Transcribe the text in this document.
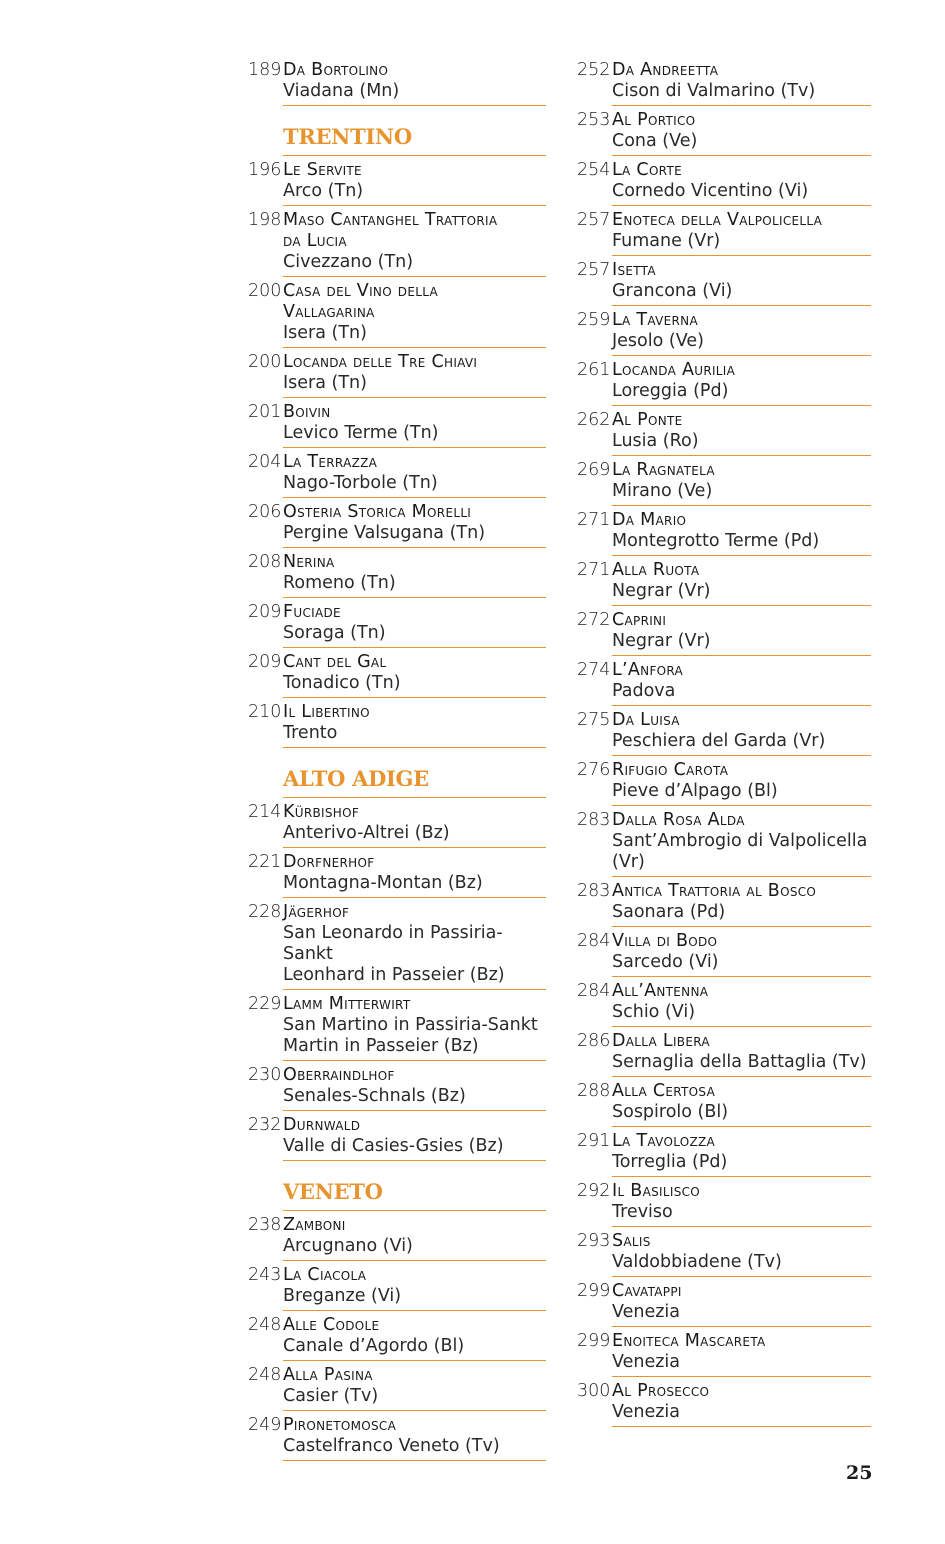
189 Da Bortolino
Viadana (Mn)
TRENTINO
196 Le Servite
Arco (Tn)
198 Maso Cantanghel Trattoria
da Lucia
Civezzano (Tn)
200 Casa del Vino della
Vallagarina
Isera (Tn)
200 Locanda delle Tre Chiavi
Isera (Tn)
201 Boivin
Levico Terme (Tn)
204 La Terrazza
Nago-Torbole (Tn)
206 Osteria Storica Morelli
Pergine Valsugana (Tn)
208 Nerina
Romeno (Tn)
209 Fuciade
Soraga (Tn)
209 Cant del Gal
Tonadico (Tn)
210 Il Libertino
Trento
ALTO ADIGE
214 Kürbishof
Anterivo-Altrei (Bz)
221 Dorfnerhof
Montagna-Montan (Bz)
228 Jägerhof
San Leonardo in Passiria-Sankt
Leonhard in Passeier (Bz)
229 Lamm Mitterwirt
San Martino in Passiria-Sankt
Martin in Passeier (Bz)
230 Oberraindlhof
Senales-Schnals (Bz)
232 Durnwald
Valle di Casies-Gsies (Bz)
VENETO
238 Zamboni
Arcugnano (Vi)
243 La Ciacola
Breganze (Vi)
248 Alle Codole
Canale d’Agordo (Bl)
248 Alla Pasina
Casier (Tv)
249 Pironetomosca
Castelfranco Veneto (Tv)
252 Da Andreetta
Cison di Valmarino (Tv)
253 Al Portico
Cona (Ve)
254 La Corte
Cornedo Vicentino (Vi)
257 Enoteca della Valpolicella
Fumane (Vr)
257 Isetta
Grancona (Vi)
259 La Taverna
Jesolo (Ve)
261 Locanda Aurilia
Loreggia (Pd)
262 Al Ponte
Lusia (Ro)
269 La Ragnatela
Mirano (Ve)
271 Da Mario
Montegrotto Terme (Pd)
271 Alla Ruota
Negrar (Vr)
272 Caprini
Negrar (Vr)
274 L’Anfora
Padova
275 Da Luisa
Peschiera del Garda (Vr)
276 Rifugio Carota
Pieve d’Alpago (Bl)
283 Dalla Rosa Alda
Sant’Ambrogio di Valpolicella
(Vr)
283 Antica Trattoria al Bosco
Saonara (Pd)
284 Villa di Bodo
Sarcedo (Vi)
284 All’Antenna
Schio (Vi)
286 Dalla Libera
Sernaglia della Battaglia (Tv)
288 Alla Certosa
Sospirolo (Bl)
291 La Tavolozza
Torreglia (Pd)
292 Il Basilisco
Treviso
293 Salis
Valdobbiadene (Tv)
299 Cavatappi
Venezia
299 Enoiteca Mascareta
Venezia
300 Al Prosecco
Venezia
25
